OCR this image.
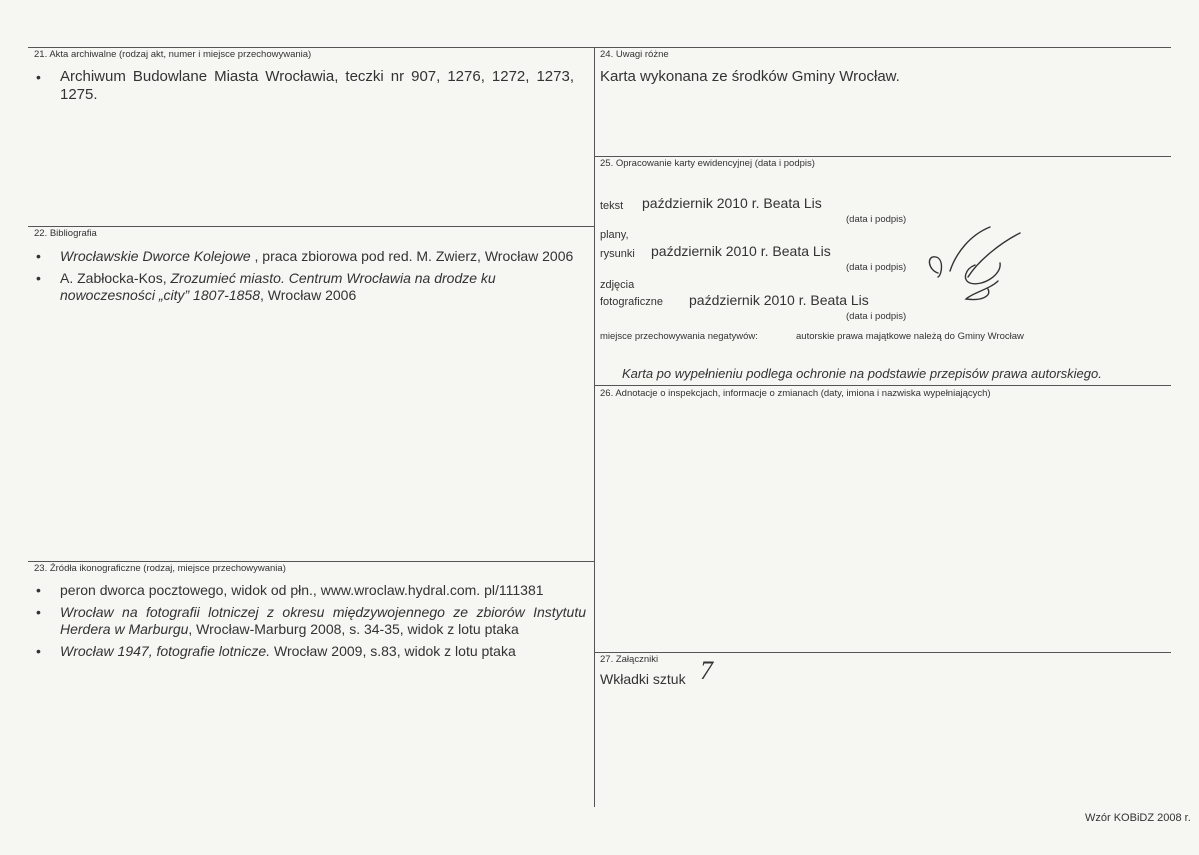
21. Akta archiwalne (rodzaj akt, numer i miejsce przechowywania)
• Archiwum Budowlane Miasta Wrocławia, teczki nr 907, 1276, 1272, 1273, 1275.
22. Bibliografia
• Wrocławskie Dworce Kolejowe , praca zbiorowa pod red. M. Zwierz, Wrocław 2006
• A. Zabłocka-Kos, Zrozumieć miasto. Centrum Wrocławia na drodze ku nowoczesności „city” 1807-1858, Wrocław 2006
23. Źródła ikonograficzne (rodzaj, miejsce przechowywania)
• peron dworca pocztowego, widok od płn., www.wroclaw.hydral.com. pl/111381
• Wrocław na fotografii lotniczej z okresu międzywojennego ze zbiorów Instytutu Herdera w Marburgu, Wrocław-Marburg 2008, s. 34-35, widok z lotu ptaka
• Wrocław 1947, fotografie lotnicze. Wrocław 2009, s.83, widok z lotu ptaka
24. Uwagi różne
Karta wykonana ze środków Gminy Wrocław.
25. Opracowanie karty ewidencyjnej (data i podpis)
tekst październik 2010 r. Beata Lis
(data i podpis)
plany,
rysunki październik 2010 r. Beata Lis
(data i podpis)
zdjęcia
fotograficzne październik 2010 r. Beata Lis
(data i podpis)
miejsce przechowywania negatywów:	autorskie prawa majątkowe należą do Gminy Wrocław
Karta po wypełnieniu podlega ochronie na podstawie przepisów prawa autorskiego.
26. Adnotacje o inspekcjach, informacje o zmianach (daty, imiona i nazwiska wypełniających)
27. Załączniki
Wkładki sztuk 7
Wzór KOBiDZ 2008 r.
